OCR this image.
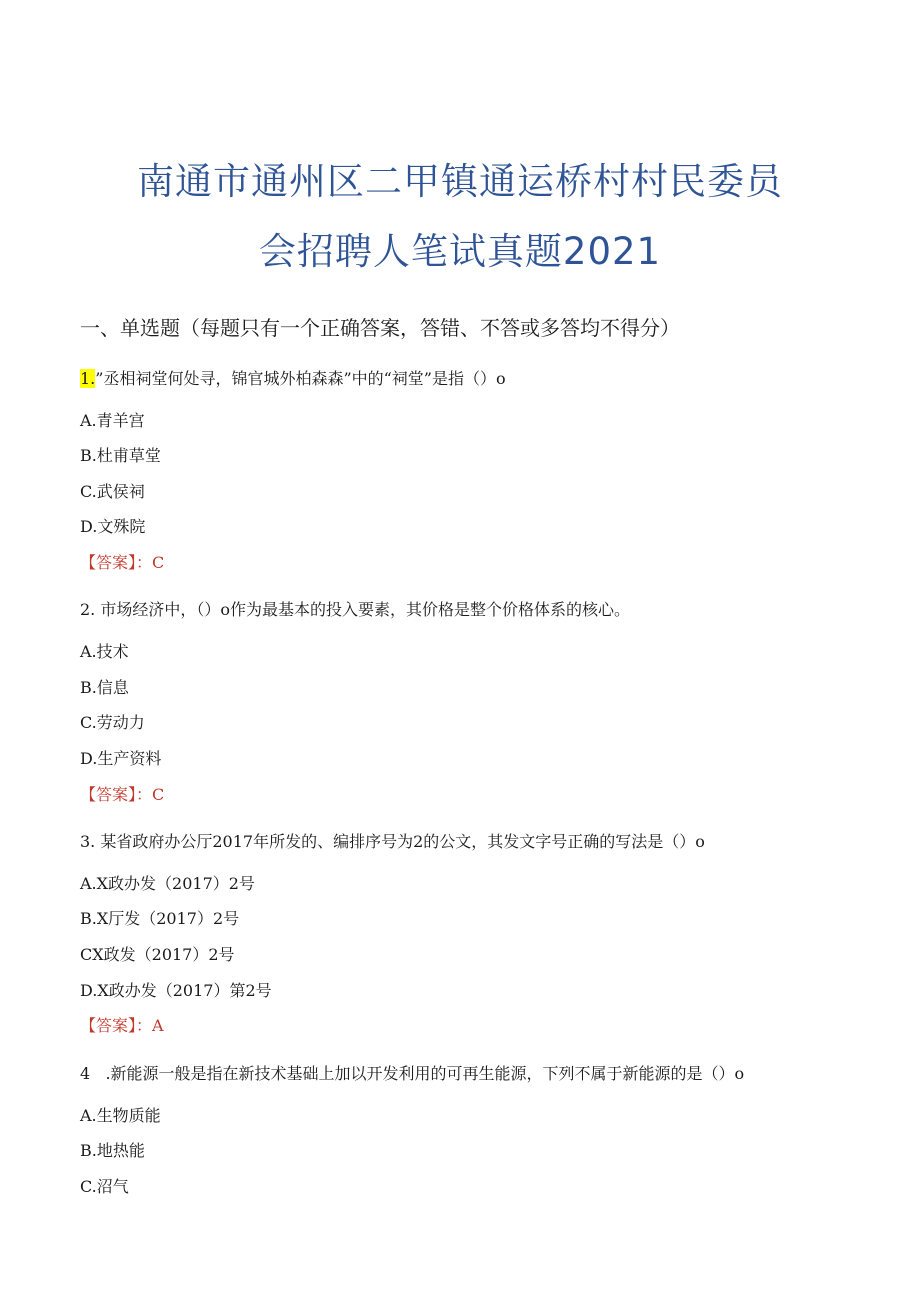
南通市通州区二甲镇通运桥村村民委员
会招聘人笔试真题2021
一、单选题（每题只有一个正确答案，答错、不答或多答均不得分）
1.”丞相祠堂何处寻，锦官城外柏森森”中的“祠堂”是指（）o
A.青羊宫
B.杜甫草堂
C.武侯祠
D.文殊院
【答案】：C
2. 市场经济中，（）o作为最基本的投入要素，其价格是整个价格体系的核心。
A.技术
B.信息
C.劳动力
D.生产资料
【答案】：C
3. 某省政府办公厅2017年所发的、编排序号为2的公文，其发文字号正确的写法是（）o
A.X政办发（2017）2号
B.X厅发（2017）2号
CX政发（2017）2号
D.X政办发（2017）第2号
【答案】：A
4 .新能源一般是指在新技术基础上加以开发利用的可再生能源，下列不属于新能源的是（）o
A.生物质能
B.地热能
C.沼气
